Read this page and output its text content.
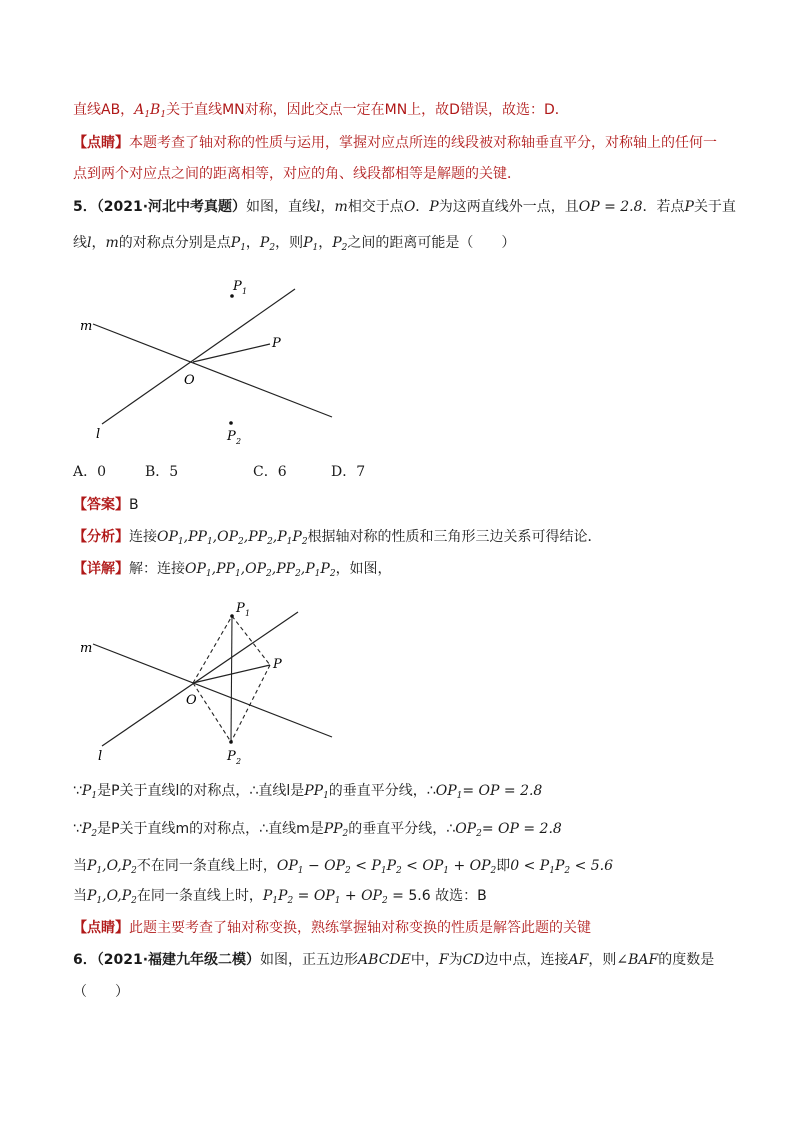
直线AB，$A_1B_1$关于直线MN对称，因此交点一定在MN上，故D错误，故选：D．
【点睛】本题考查了轴对称的性质与运用，掌握对应点所连的线段被对称轴垂直平分，对称轴上的任何一
点到两个对应点之间的距离相等，对应的角、线段都相等是解题的关键．
5．（2021·河北中考真题）如图，直线l，m相交于点O．P为这两直线外一点，且OP = 2.8．若点P关于直
线l，m的对称点分别是点$P_1$，$P_2$，则$P_1$，$P_2$之间的距离可能是（　　）
m
l
O
P
P 1
P 2
A．0	B．5	C．6	D．7
【答案】B
【分析】连接$OP_1,PP_1,OP_2,PP_2,P_1P_2$根据轴对称的性质和三角形三边关系可得结论．
【详解】解：连接$OP_1,PP_1,OP_2,PP_2,P_1P_2$，如图，
m
l
O
P
P 1
P 2
$\because P_1$是P关于直线l的对称点，∴直线l是$PP_1$的垂直平分线，$\therefore OP_1=$ OP = 2.8
$\because P_2$是P关于直线m的对称点，∴直线m是$PP_2$的垂直平分线，$\therefore OP_2=$ OP = 2.8
当$P_1,O,P_2$不在同一条直线上时，$OP_1 - OP_2 < P_1P_2 < OP_1 + OP_2$即$0 < P_1P_2 < 5.6$
当$P_1,O,P_2$在同一条直线上时，$P_1P_2 = OP_1 + OP_2 = 5.6$ 故选：B
【点睛】此题主要考查了轴对称变换，熟练掌握轴对称变换的性质是解答此题的关键
6．（2021·福建九年级二模）如图，正五边形ABCDE中，F为CD边中点，连接AF，则∠BAF的度数是
（　　）
